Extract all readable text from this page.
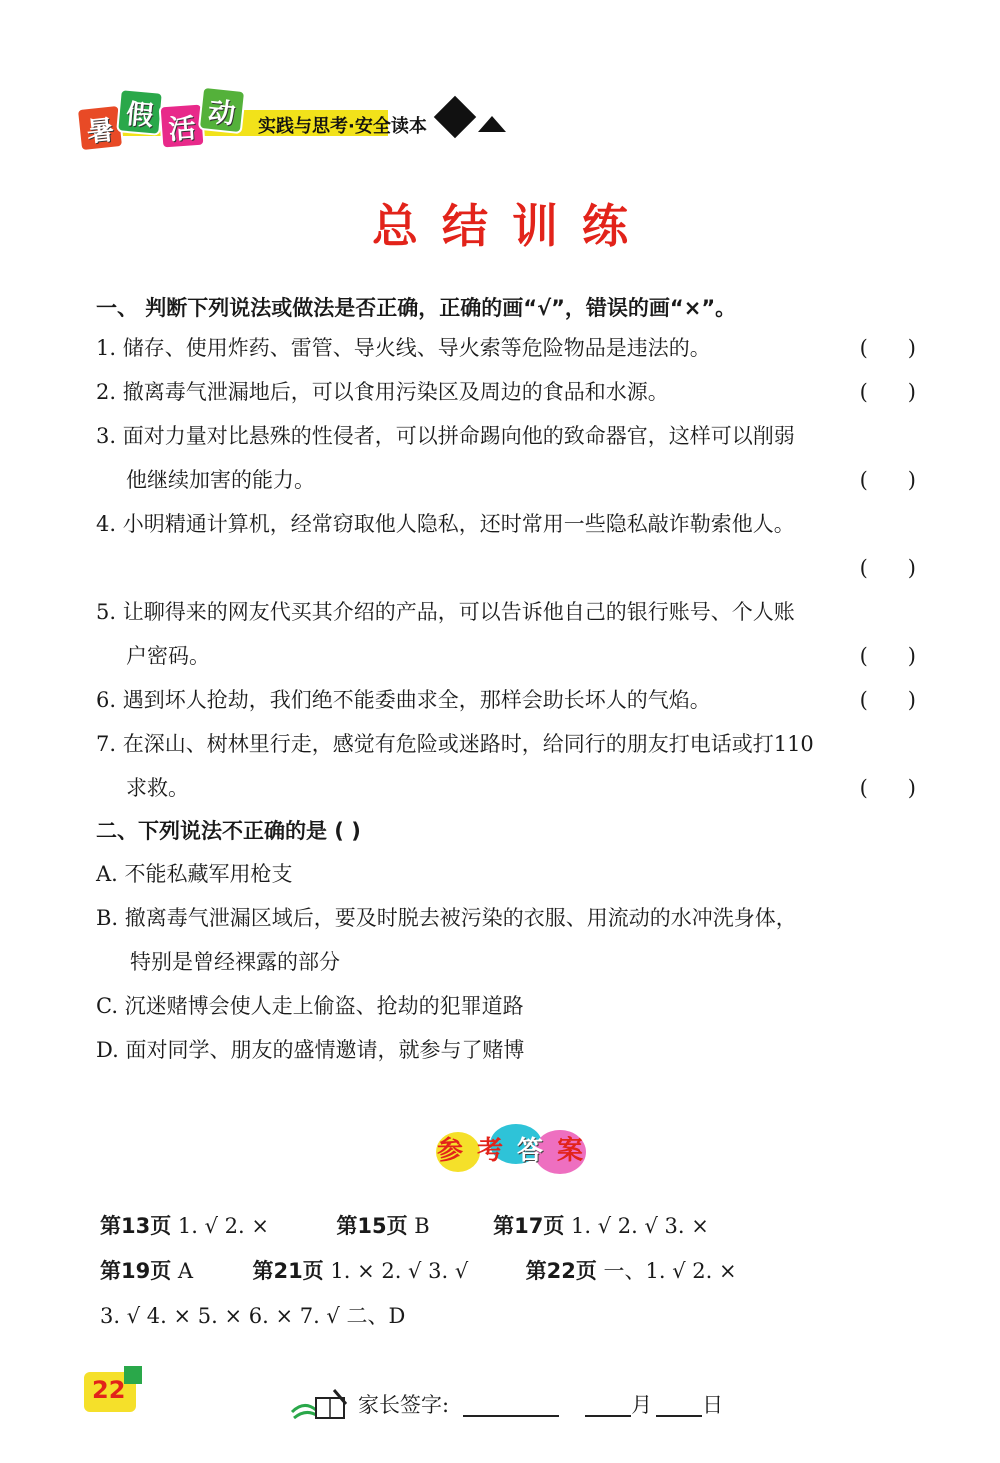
暑 假 活 动	实践与思考·安全读本
总结训练
一、 判断下列说法或做法是否正确，正确的画“√”，错误的画“×”。
1. 储存、使用炸药、雷管、导火线、导火索等危险物品是违法的。	(      )
2. 撤离毒气泄漏地后，可以食用污染区及周边的食品和水源。	(      )
3. 面对力量对比悬殊的性侵者，可以拼命踢向他的致命器官，这样可以削弱
他继续加害的能力。	(      )
4. 小明精通计算机，经常窃取他人隐私，还时常用一些隐私敲诈勒索他人。
(      )
5. 让聊得来的网友代买其介绍的产品，可以告诉他自己的银行账号、个人账
户密码。	(      )
6. 遇到坏人抢劫，我们绝不能委曲求全，那样会助长坏人的气焰。	(      )
7. 在深山、树林里行走，感觉有危险或迷路时，给同行的朋友打电话或打110
求救。	(      )
二、下列说法不正确的是 ( )
A. 不能私藏军用枪支
B. 撤离毒气泄漏区域后，要及时脱去被污染的衣服、用流动的水冲洗身体，
特别是曾经裸露的部分
C. 沉迷赌博会使人走上偷盗、抢劫的犯罪道路
D. 面对同学、朋友的盛情邀请，就参与了赌博
参 考 答 案
第13页 1. √ 2. ×	第15页 B	第17页 1. √ 2. √ 3. ×
第19页 A	第21页 1. × 2. √ 3. √	第22页 一、1. √ 2. ×
3. √ 4. × 5. × 6. × 7. √ 二、D
22
家长签字:	月 日
